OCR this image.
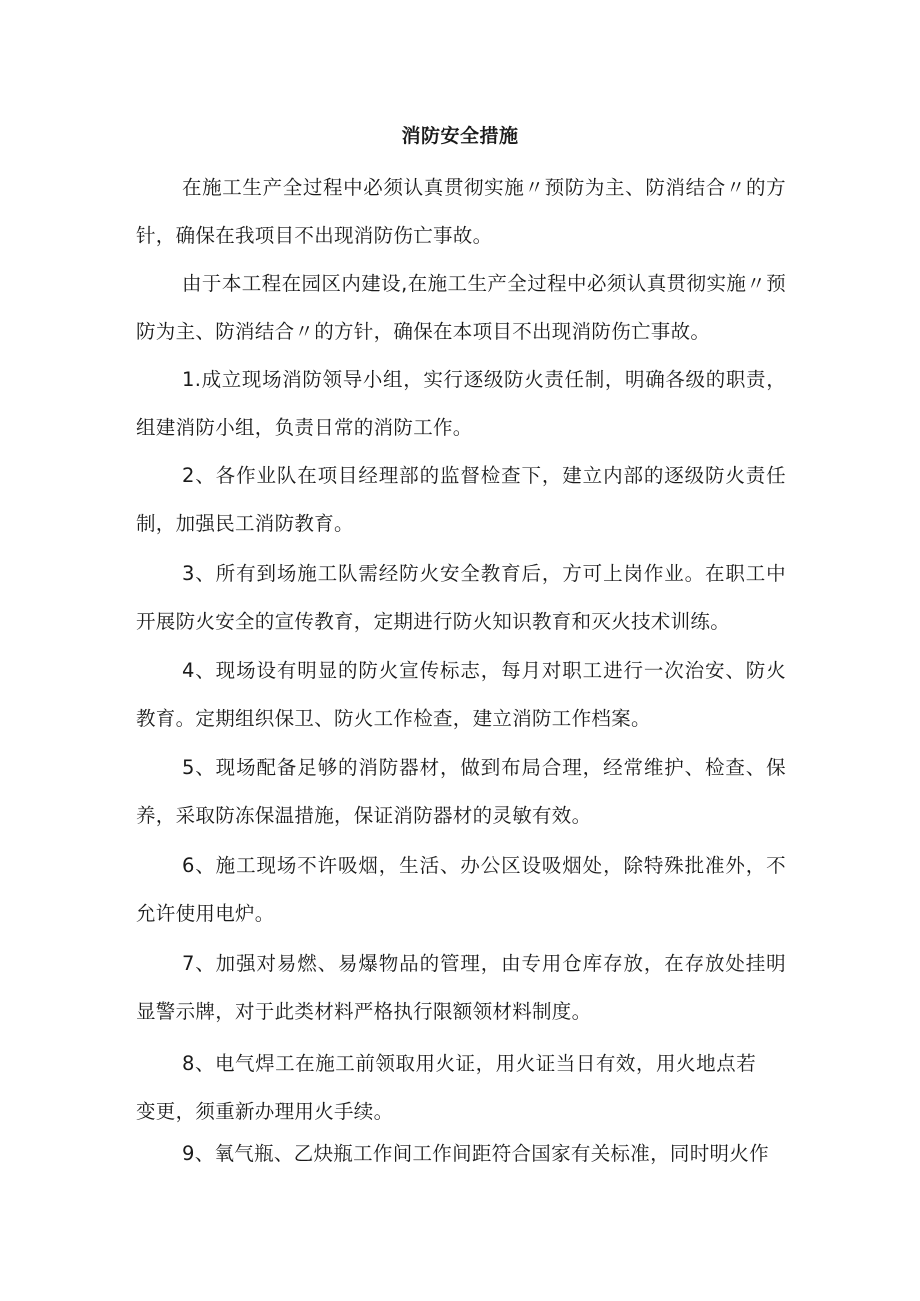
消防安全措施

在施工生产全过程中必须认真贯彻实施〃预防为主、防消结合〃的方针，确保在我项目不出现消防伤亡事故。

由于本工程在园区内建设,在施工生产全过程中必须认真贯彻实施〃预防为主、防消结合〃的方针，确保在本项目不出现消防伤亡事故。

1.成立现场消防领导小组，实行逐级防火责任制，明确各级的职责，组建消防小组，负责日常的消防工作。

2、各作业队在项目经理部的监督检查下，建立内部的逐级防火责任制，加强民工消防教育。

3、所有到场施工队需经防火安全教育后，方可上岗作业。在职工中开展防火安全的宣传教育，定期进行防火知识教育和灭火技术训练。

4、现场设有明显的防火宣传标志，每月对职工进行一次治安、防火教育。定期组织保卫、防火工作检查，建立消防工作档案。

5、现场配备足够的消防器材，做到布局合理，经常维护、检查、保养，采取防冻保温措施，保证消防器材的灵敏有效。

6、施工现场不许吸烟，生活、办公区设吸烟处，除特殊批准外，不允许使用电炉。

7、加强对易燃、易爆物品的管理，由专用仓库存放，在存放处挂明显警示牌，对于此类材料严格执行限额领材料制度。

8、电气焊工在施工前领取用火证，用火证当日有效，用火地点若变更，须重新办理用火手续。

9、氧气瓶、乙炔瓶工作间工作间距符合国家有关标准，同时明火作
